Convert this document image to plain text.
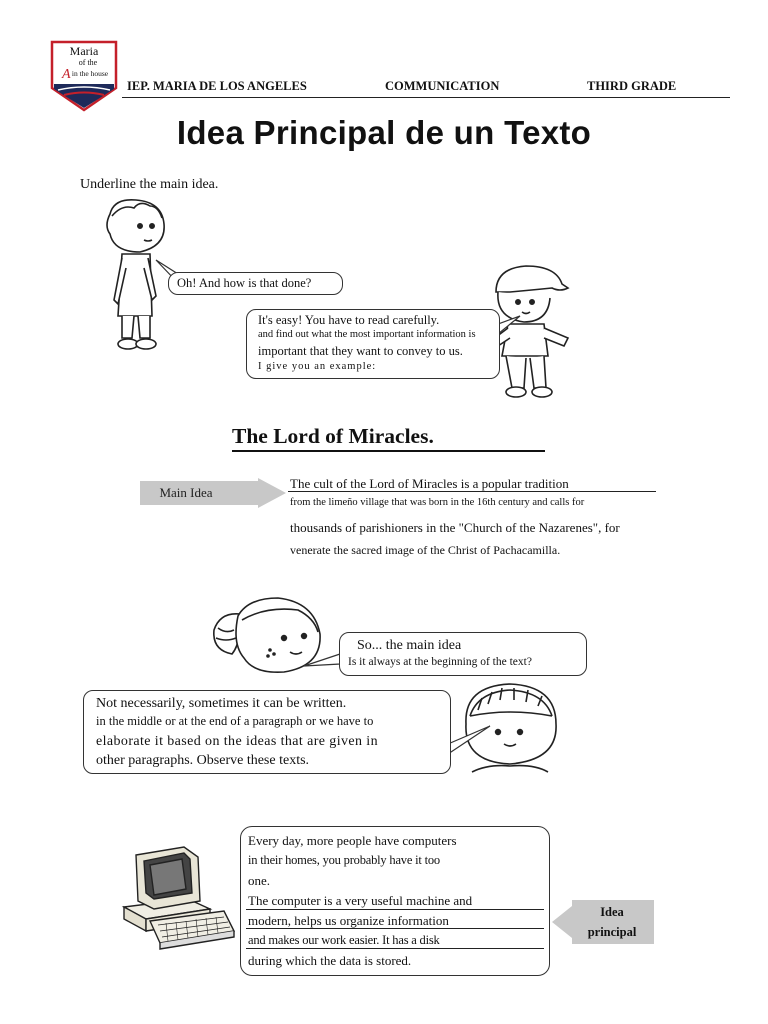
Maria
of the
A in the house
IEP. MARIA DE LOS ANGELES	COMMUNICATION	THIRD GRADE
Idea Principal de un Texto
Underline the main idea.
Oh! And how is that done?
It's easy! You have to read carefully.
and find out what the most important information is
important that they want to convey to us.
I give you an example:
The Lord of Miracles.
Main Idea
The cult of the Lord of Miracles is a popular tradition
from the limeño village that was born in the 16th century and calls for
thousands of parishioners in the "Church of the Nazarenes", for
venerate the sacred image of the Christ of Pachacamilla.
So... the main idea
Is it always at the beginning of the text?
Not necessarily, sometimes it can be written.
in the middle or at the end of a paragraph or we have to
elaborate it based on the ideas that are given in
other paragraphs. Observe these texts.
Every day, more people have computers
in their homes, you probably have it too
one.
The computer is a very useful machine and
modern, helps us organize information
and makes our work easier. It has a disk
during which the data is stored.
Idea
principal
